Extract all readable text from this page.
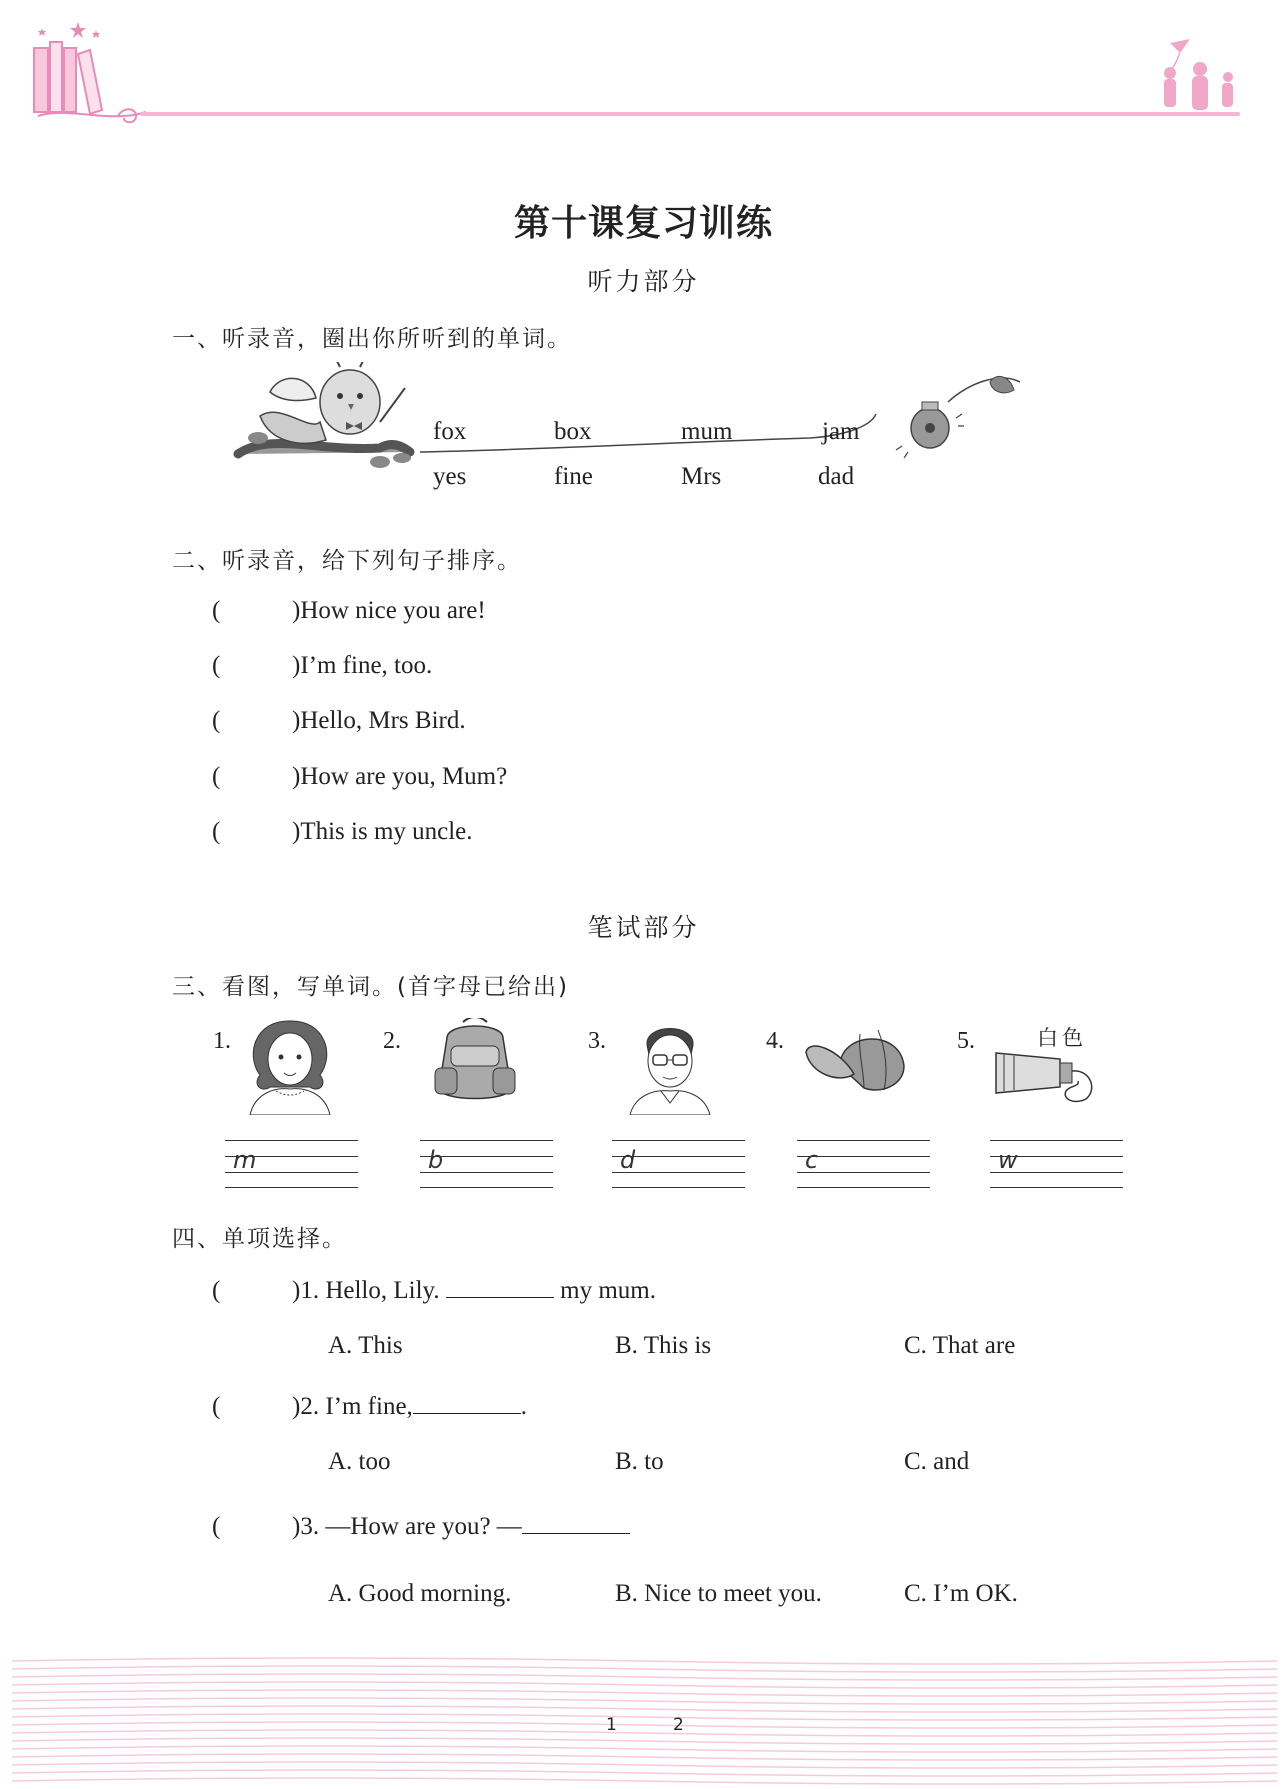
第十课复习训练
听力部分
一、听录音，圈出你所听到的单词。
fox	box	mum	jam
yes	fine	Mrs	dad
二、听录音，给下列句子排序。
(	)How nice you are!
(	)I’m fine, too.
(	)Hello, Mrs Bird.
(	)How are you, Mum?
(	)This is my uncle.
笔试部分
三、看图，写单词。(首字母已给出)
1.	2.	3.	4.	5.	白色
m	b	d	c	w
四、单项选择。
(	)1. Hello, Lily.	my mum.
A. This	B. This is	C. That are
(	)2. I’m fine,	.
A. too	B. to	C. and
(	)3. —How are you? —
A. Good morning.	B. Nice to meet you.	C. I’m OK.
1	2
